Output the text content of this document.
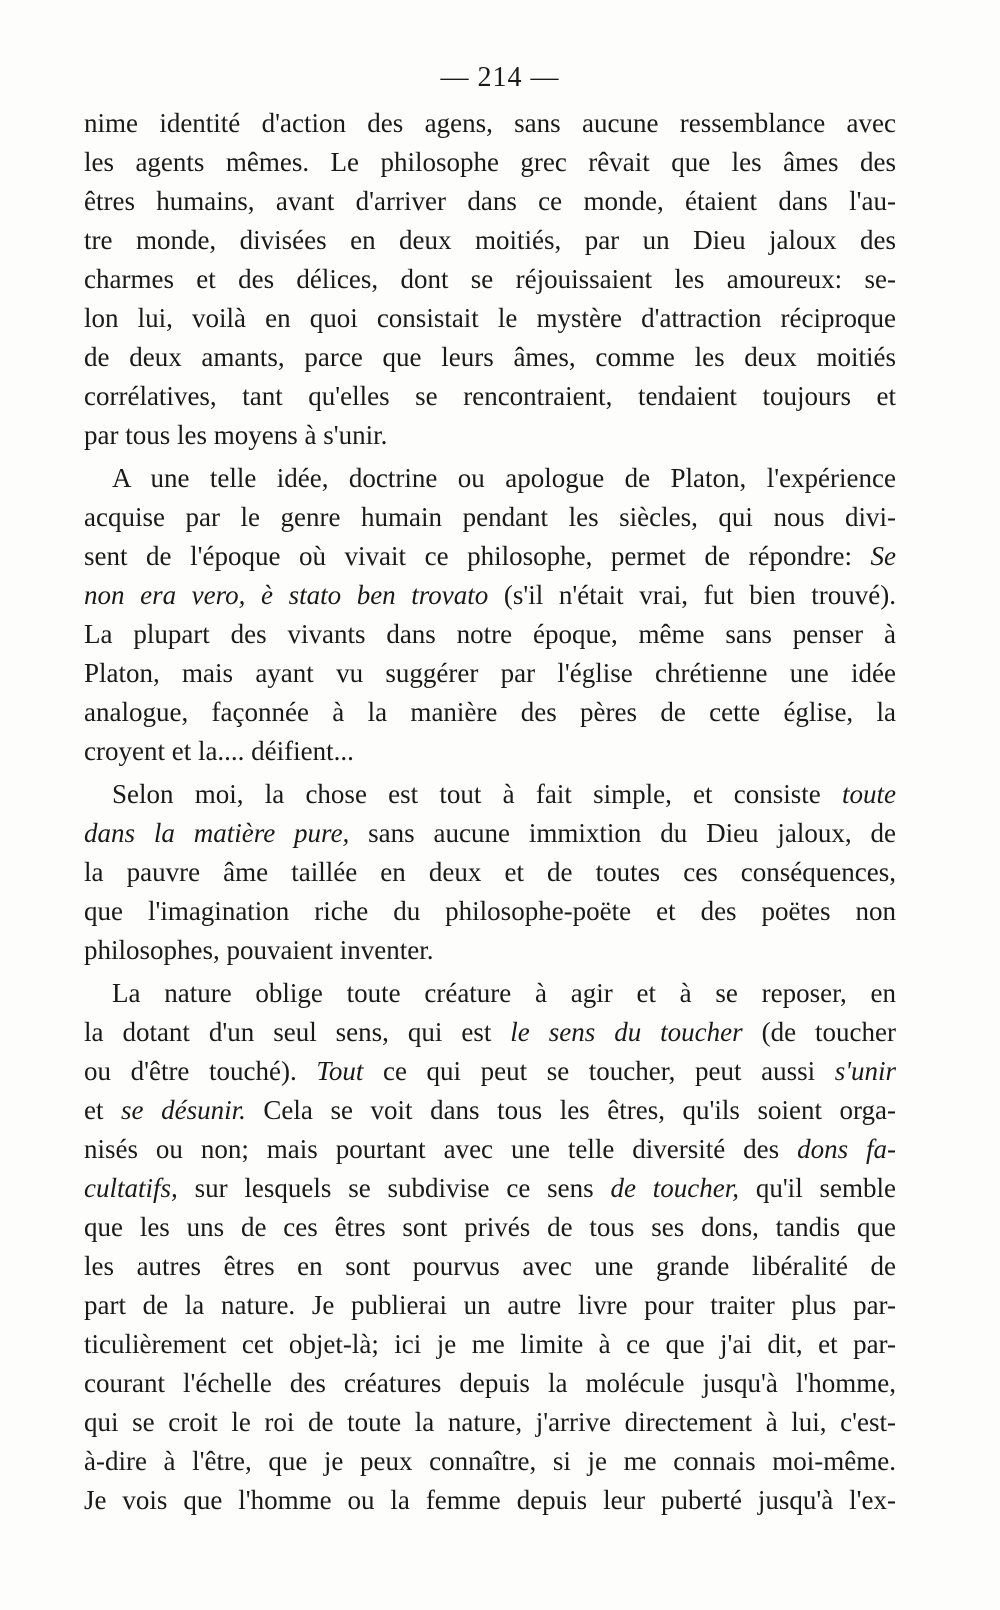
— 214 —
nime identité d'action des agens, sans aucune ressemblance avec
les agents mêmes. Le philosophe grec rêvait que les âmes des
êtres humains, avant d'arriver dans ce monde, étaient dans l'au-
tre monde, divisées en deux moitiés, par un Dieu jaloux des
charmes et des délices, dont se réjouissaient les amoureux: se-
lon lui, voilà en quoi consistait le mystère d'attraction réciproque
de deux amants, parce que leurs âmes, comme les deux moitiés
corrélatives, tant qu'elles se rencontraient, tendaient toujours et
par tous les moyens à s'unir.
A une telle idée, doctrine ou apologue de Platon, l'expérience
acquise par le genre humain pendant les siècles, qui nous divi-
sent de l'époque où vivait ce philosophe, permet de répondre: Se
non era vero, è stato ben trovato (s'il n'était vrai, fut bien trouvé).
La plupart des vivants dans notre époque, même sans penser à
Platon, mais ayant vu suggérer par l'église chrétienne une idée
analogue, façonnée à la manière des pères de cette église, la
croyent et la.... déifient...
Selon moi, la chose est tout à fait simple, et consiste toute
dans la matière pure, sans aucune immixtion du Dieu jaloux, de
la pauvre âme taillée en deux et de toutes ces conséquences,
que l'imagination riche du philosophe-poëte et des poëtes non
philosophes, pouvaient inventer.
La nature oblige toute créature à agir et à se reposer, en
la dotant d'un seul sens, qui est le sens du toucher (de toucher
ou d'être touché). Tout ce qui peut se toucher, peut aussi s'unir
et se désunir. Cela se voit dans tous les êtres, qu'ils soient orga-
nisés ou non; mais pourtant avec une telle diversité des dons fa-
cultatifs, sur lesquels se subdivise ce sens de toucher, qu'il semble
que les uns de ces êtres sont privés de tous ses dons, tandis que
les autres êtres en sont pourvus avec une grande libéralité de
part de la nature. Je publierai un autre livre pour traiter plus par-
ticulièrement cet objet-là; ici je me limite à ce que j'ai dit, et par-
courant l'échelle des créatures depuis la molécule jusqu'à l'homme,
qui se croit le roi de toute la nature, j'arrive directement à lui, c'est-
à-dire à l'être, que je peux connaître, si je me connais moi-même.
Je vois que l'homme ou la femme depuis leur puberté jusqu'à l'ex-
